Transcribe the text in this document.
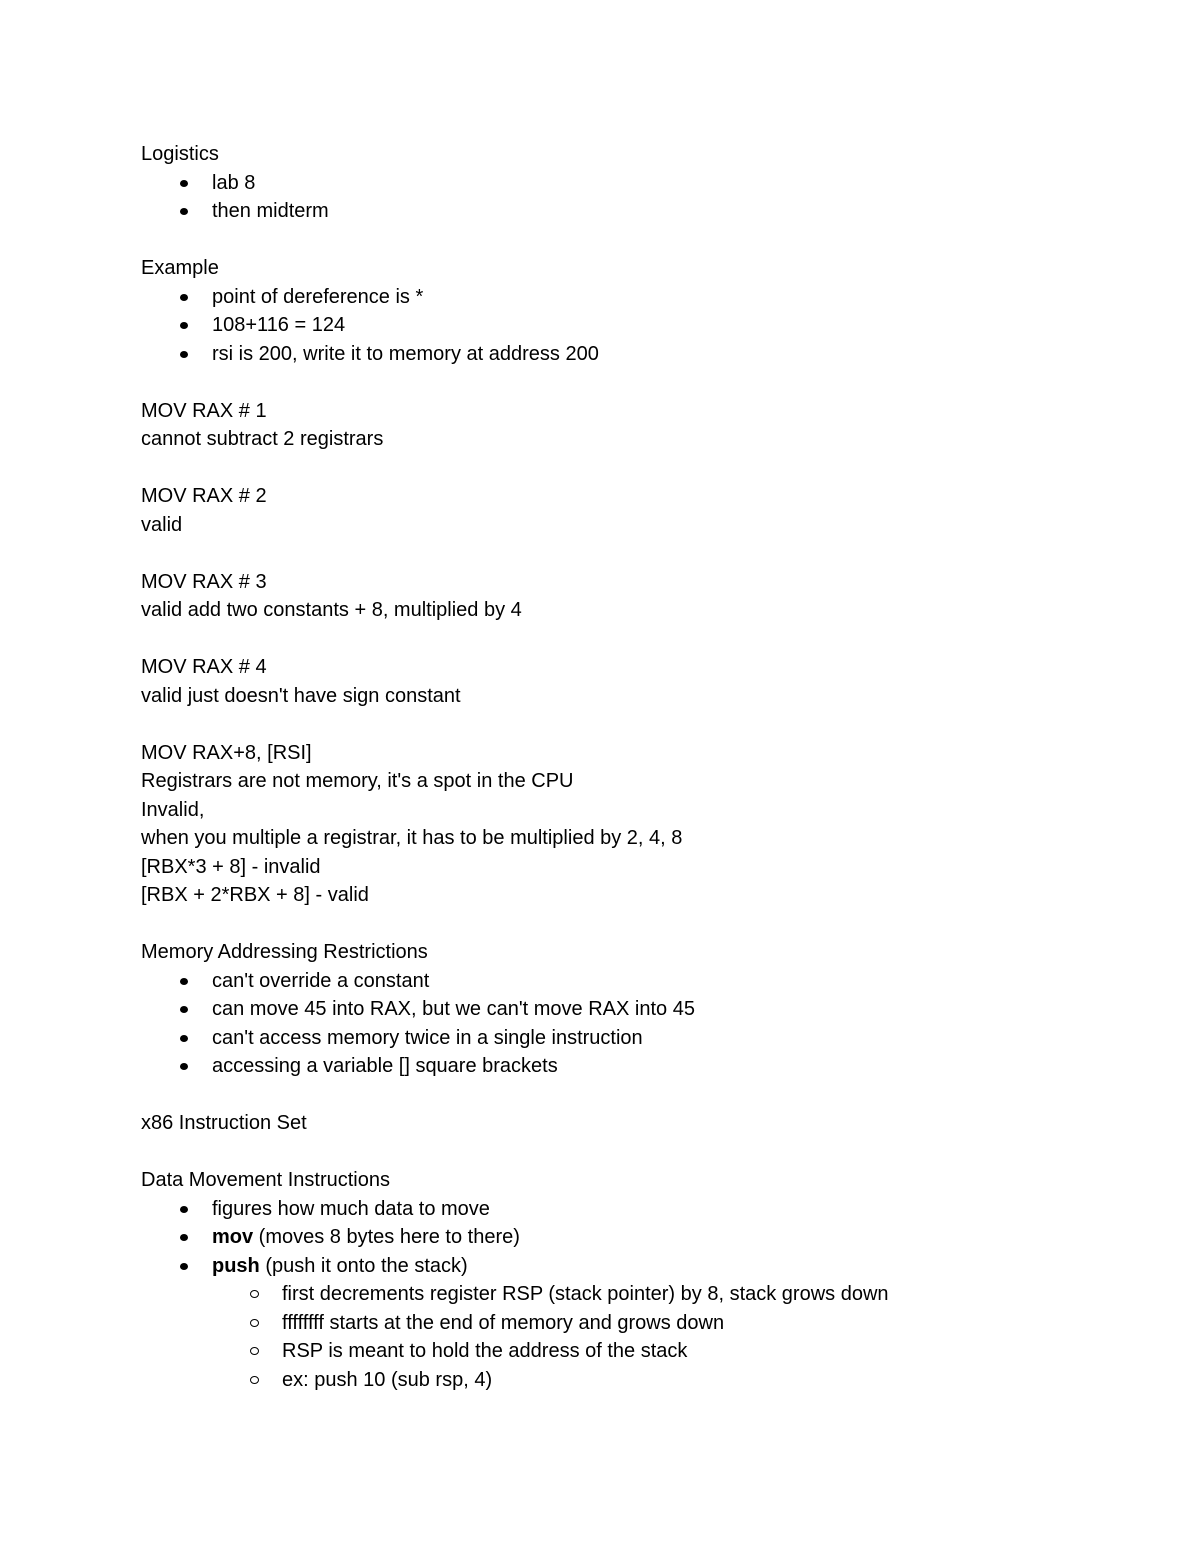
Logistics

lab 8
then midterm

Example

point of dereference is *
108+116 = 124
rsi is 200, write it to memory at address 200

MOV RAX # 1

cannot subtract 2 registrars

MOV RAX # 2

valid

MOV RAX # 3

valid add two constants + 8, multiplied by 4

MOV RAX # 4

valid just doesn't have sign constant

MOV RAX+8, [RSI]

Registrars are not memory, it's a spot in the CPU

Invalid,

when you multiple a registrar, it has to be multiplied by 2, 4, 8

[RBX*3 + 8] - invalid

[RBX + 2*RBX + 8] - valid

Memory Addressing Restrictions

can't override a constant
can move 45 into RAX, but we can't move RAX into 45
can't access memory twice in a single instruction
accessing a variable [] square brackets

x86 Instruction Set

Data Movement Instructions

figures how much data to move
mov (moves 8 bytes here to there)
push (push it onto the stack)
first decrements register RSP (stack pointer) by 8, stack grows down
ffffffff starts at the end of memory and grows down
RSP is meant to hold the address of the stack
ex: push 10 (sub rsp, 4)
